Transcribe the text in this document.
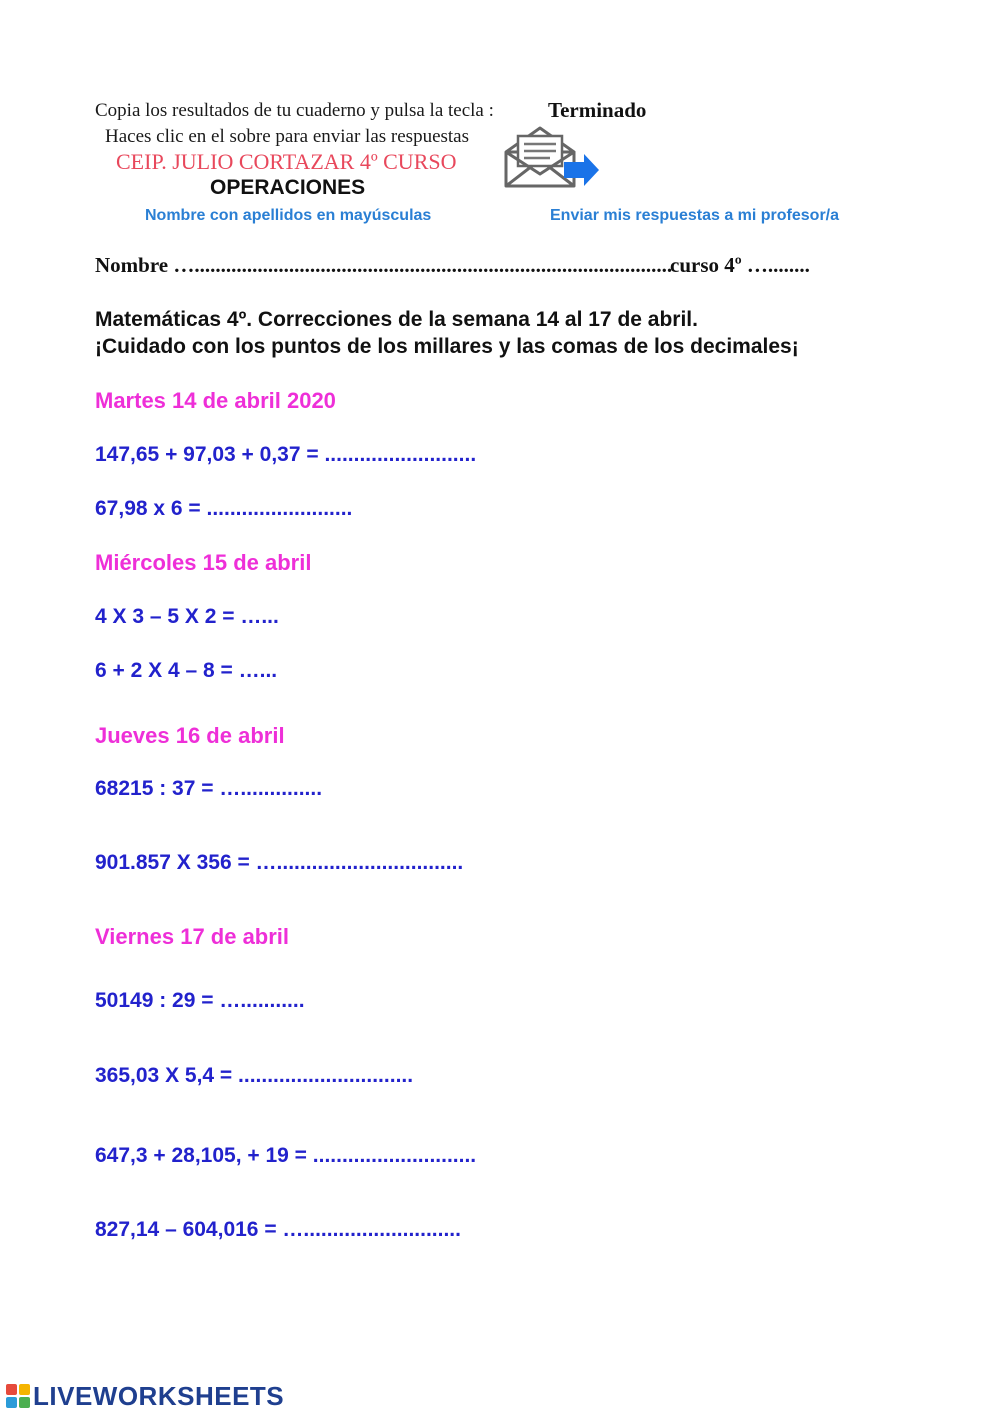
Copia los resultados de tu cuaderno y pulsa la tecla :	Terminado
Haces clic en el sobre para enviar las respuestas
CEIP. JULIO CORTAZAR 4º CURSO
OPERACIONES
Nombre con apellidos en mayúsculas	Enviar mis respuestas a mi profesor/a
Nombre …...........................................................................................
curso 4º …........
Matemáticas 4º. Correcciones de la semana 14 al 17 de abril.
¡Cuidado con los puntos de los millares y las comas de los decimales¡
Martes 14 de abril 2020
147,65 + 97,03 + 0,37 = ..........................
67,98 x 6 = .........................
Miércoles 15 de abril
4 X 3 – 5 X 2 = …...
6 + 2 X 4 – 8 = …...
Jueves 16 de abril
68215 : 37 = …..............
901.857 X 356 = …................................
Viernes 17 de abril
50149 : 29 = …...........
365,03 X 5,4 = ..............................
647,3 + 28,105, + 19 = ............................
827,14 – 604,016 = …...........................
LIVEWORKSHEETS
